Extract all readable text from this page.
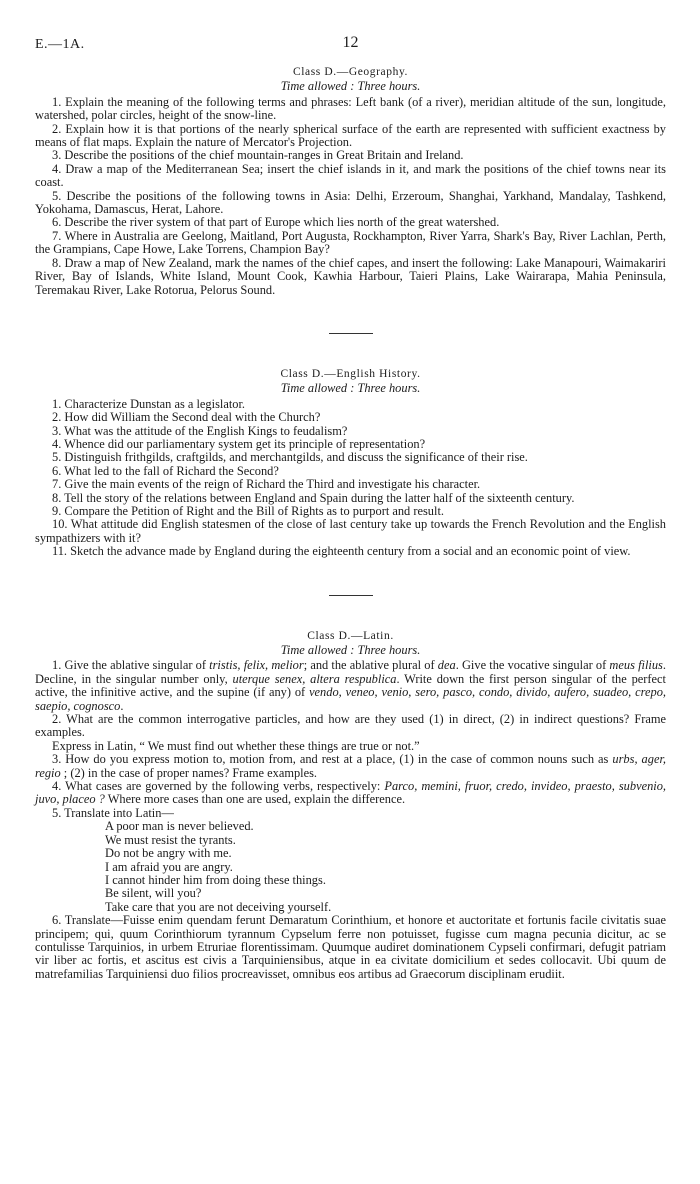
E.—1A.	12

Class D.—Geography.

Time allowed : Three hours.

1. Explain the meaning of the following terms and phrases: Left bank (of a river), meridian altitude of the sun, longitude, watershed, polar circles, height of the snow-line.

2. Explain how it is that portions of the nearly spherical surface of the earth are represented with sufficient exactness by means of flat maps. Explain the nature of Mercator's Projection.

3. Describe the positions of the chief mountain-ranges in Great Britain and Ireland.

4. Draw a map of the Mediterranean Sea; insert the chief islands in it, and mark the positions of the chief towns near its coast.

5. Describe the positions of the following towns in Asia: Delhi, Erzeroum, Shanghai, Yarkhand, Mandalay, Tashkend, Yokohama, Damascus, Herat, Lahore.

6. Describe the river system of that part of Europe which lies north of the great watershed.

7. Where in Australia are Geelong, Maitland, Port Augusta, Rockhampton, River Yarra, Shark's Bay, River Lachlan, Perth, the Grampians, Cape Howe, Lake Torrens, Champion Bay?

8. Draw a map of New Zealand, mark the names of the chief capes, and insert the following: Lake Manapouri, Waimakariri River, Bay of Islands, White Island, Mount Cook, Kawhia Harbour, Taieri Plains, Lake Wairarapa, Mahia Peninsula, Teremakau River, Lake Rotorua, Pelorus Sound.

Class D.—English History.

Time allowed : Three hours.

1. Characterize Dunstan as a legislator.

2. How did William the Second deal with the Church?

3. What was the attitude of the English Kings to feudalism?

4. Whence did our parliamentary system get its principle of representation?

5. Distinguish frithgilds, craftgilds, and merchantgilds, and discuss the significance of their rise.

6. What led to the fall of Richard the Second?

7. Give the main events of the reign of Richard the Third and investigate his character.

8. Tell the story of the relations between England and Spain during the latter half of the sixteenth century.

9. Compare the Petition of Right and the Bill of Rights as to purport and result.

10. What attitude did English statesmen of the close of last century take up towards the French Revolution and the English sympathizers with it?

11. Sketch the advance made by England during the eighteenth century from a social and an economic point of view.

Class D.—Latin.

Time allowed : Three hours.

1. Give the ablative singular of tristis, felix, melior; and the ablative plural of dea. Give the vocative singular of meus filius. Decline, in the singular number only, uterque senex, altera respublica. Write down the first person singular of the perfect active, the infinitive active, and the supine (if any) of vendo, veneo, venio, sero, pasco, condo, divido, aufero, suadeo, crepo, saepio, cognosco.

2. What are the common interrogative particles, and how are they used (1) in direct, (2) in indirect questions? Frame examples.

Express in Latin, “ We must find out whether these things are true or not.”

3. How do you express motion to, motion from, and rest at a place, (1) in the case of common nouns such as urbs, ager, regio ; (2) in the case of proper names? Frame examples.

4. What cases are governed by the following verbs, respectively: Parco, memini, fruor, credo, invideo, praesto, subvenio, juvo, placeo ? Where more cases than one are used, explain the difference.

5. Translate into Latin—

A poor man is never believed.
We must resist the tyrants.
Do not be angry with me.
I am afraid you are angry.
I cannot hinder him from doing these things.
Be silent, will you?
Take care that you are not deceiving yourself.

6. Translate—Fuisse enim quendam ferunt Demaratum Corinthium, et honore et auctoritate et fortunis facile civitatis suae principem; qui, quum Corinthiorum tyrannum Cypselum ferre non potuisset, fugisse cum magna pecunia dicitur, ac se contulisse Tarquinios, in urbem Etruriae florentissimam. Quumque audiret dominationem Cypseli confirmari, defugit patriam vir liber ac fortis, et ascitus est civis a Tarquiniensibus, atque in ea civitate domicilium et sedes collocavit. Ubi quum de matrefamilias Tarquiniensi duo filios procreavisset, omnibus eos artibus ad Graecorum disciplinam erudiit.
